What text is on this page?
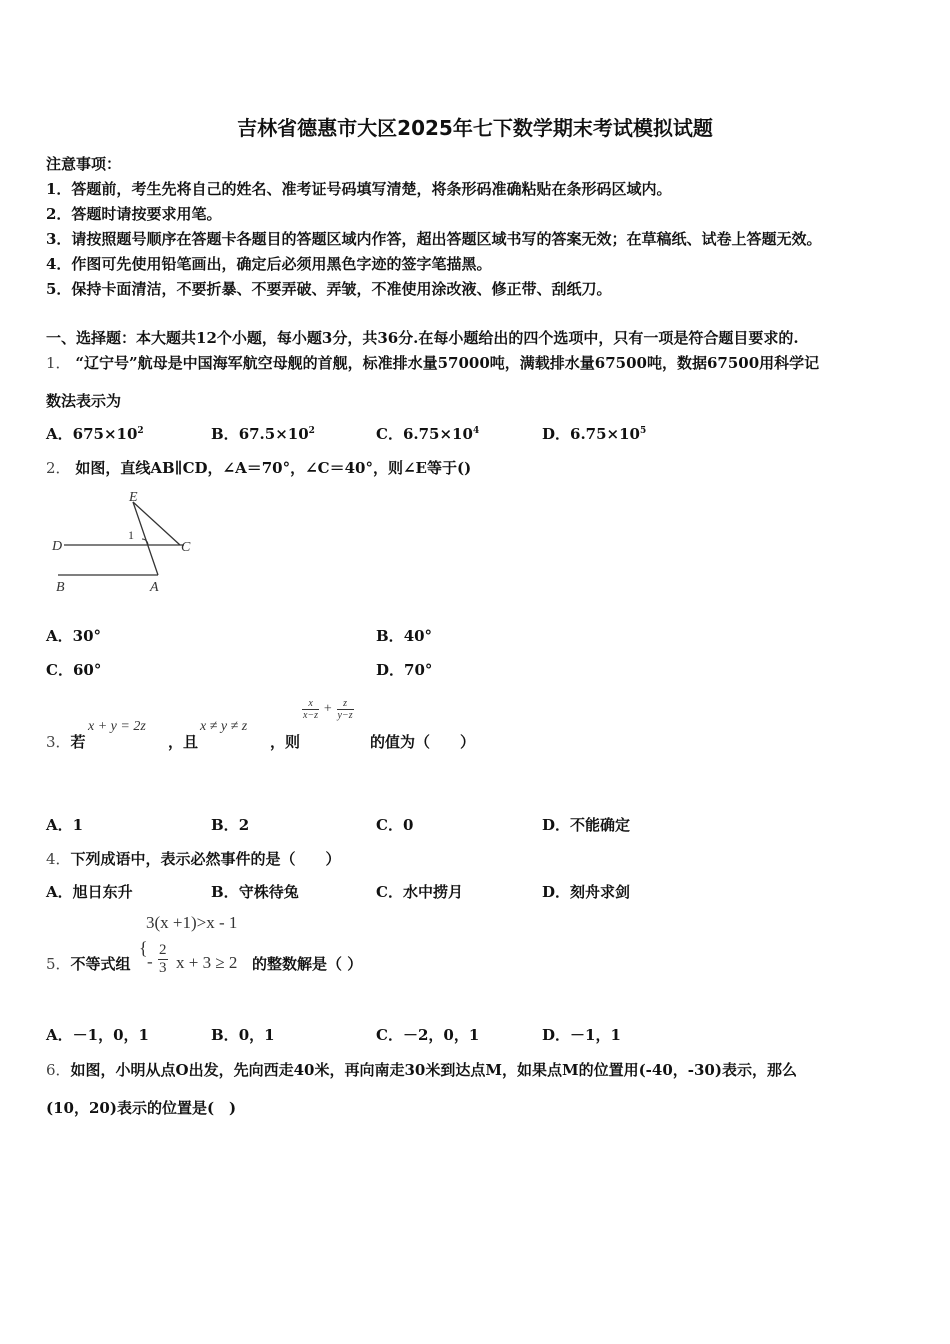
吉林省德惠市大区2025年七下数学期末考试模拟试题
注意事项：
1．答题前，考生先将自己的姓名、准考证号码填写清楚，将条形码准确粘贴在条形码区域内。
2．答题时请按要求用笔。
3．请按照题号顺序在答题卡各题目的答题区域内作答，超出答题区域书写的答案无效；在草稿纸、试卷上答题无效。
4．作图可先使用铅笔画出，确定后必须用黑色字迹的签字笔描黑。
5．保持卡面清洁，不要折暴、不要弄破、弄皱，不准使用涂改液、修正带、刮纸刀。
一、选择题：本大题共12个小题，每小题3分，共36分.在每小题给出的四个选项中，只有一项是符合题目要求的.
1． “辽宁号”航母是中国海军航空母舰的首舰，标准排水量57000吨，满载排水量67500吨，数据67500用科学记
数法表示为
A．$675\times 10^2$	B．$67.5\times 10^2$	C．$6.75\times 10^4$	D．$6.75\times 10^5$
2． 如图，直线AB∥CD，∠A＝70°，∠C＝40°，则∠E等于()
E
D	C
B	A
1
A．30°	B．40°
C．60°	D．70°
3．若
x + y = 2z
，且
x ≠ y ≠ z
，则
$\frac{x}{x-z} + \frac{z}{y-z}$
的值为（　　）
A．1	B．2	C．0	D．不能确定
4．下列成语中，表示必然事件的是（　　）
A．旭日东升	B．守株待兔	C．水中捞月	D．刻舟求剑
5．不等式组
3(x +1)>x - 1
{
- $\frac{2}{3}$ x + 3 ≥ 2 的整数解是（ ）
A．－1，0，1	B．0，1	C．－2，0，1	D．－1，1
6．如图，小明从点O出发，先向西走40米，再向南走30米到达点M，如果点M的位置用(-40，-30)表示，那么
(10，20)表示的位置是(　)
